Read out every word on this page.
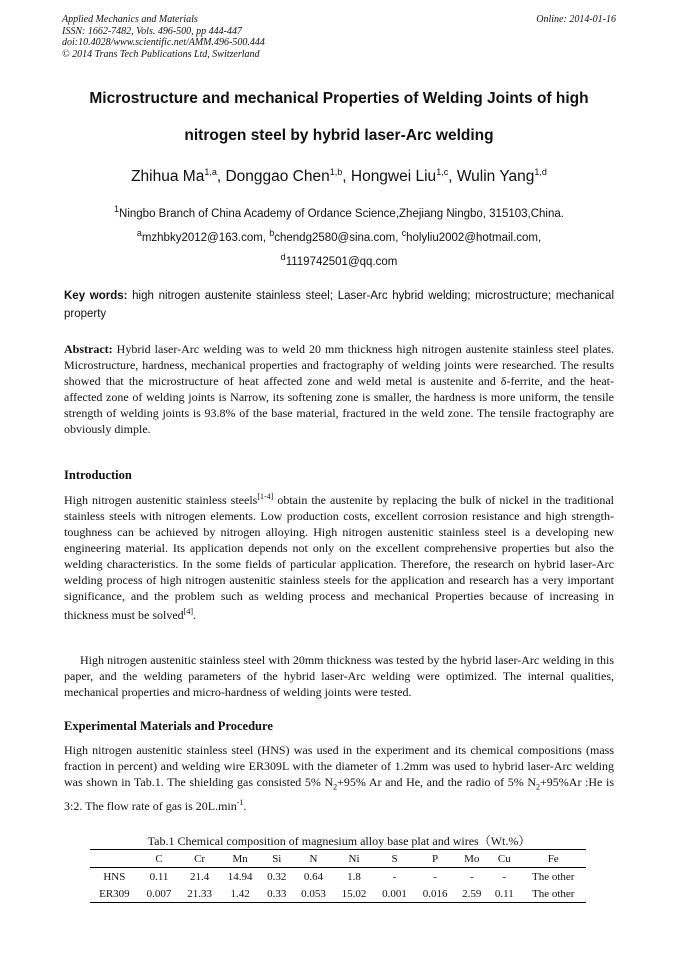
Applied Mechanics and Materials
ISSN: 1662-7482, Vols. 496-500, pp 444-447
doi:10.4028/www.scientific.net/AMM.496-500.444
© 2014 Trans Tech Publications Ltd, Switzerland
Online: 2014-01-16
Microstructure and mechanical Properties of Welding Joints of high
nitrogen steel by hybrid laser-Arc welding
Zhihua Ma$^{1,a}$, Donggao Chen$^{1,b}$, Hongwei Liu$^{1,c}$, Wulin Yang$^{1,d}$
$^1$Ningbo Branch of China Academy of Ordance Science,Zhejiang Ningbo, 315103,China.
$^a$mzhbky2012@163.com, $^b$chendg2580@sina.com, $^c$holyliu2002@hotmail.com,
$^d$1119742501@qq.com
Key words: high nitrogen austenite stainless steel; Laser-Arc hybrid welding; microstructure; mechanical property
Abstract: Hybrid laser-Arc welding was to weld 20 mm thickness high nitrogen austenite stainless steel plates. Microstructure, hardness, mechanical properties and fractography of welding joints were researched. The results showed that the microstructure of heat affected zone and weld metal is austenite and δ-ferrite, and the heat-affected zone of welding joints is Narrow, its softening zone is smaller, the hardness is more uniform, the tensile strength of welding joints is 93.8% of the base material, fractured in the weld zone. The tensile fractography are obviously dimple.
Introduction
High nitrogen austenitic stainless steels[1-4] obtain the austenite by replacing the bulk of nickel in the traditional stainless steels with nitrogen elements. Low production costs, excellent corrosion resistance and high strength-toughness can be achieved by nitrogen alloying. High nitrogen austenitic stainless steel is a developing new engineering material. Its application depends not only on the excellent comprehensive properties but also the welding characteristics. In the some fields of particular application. Therefore, the research on hybrid laser-Arc welding process of high nitrogen austenitic stainless steels for the application and research has a very important significance, and the problem such as welding process and mechanical Properties because of increasing in thickness must be solved[4].
High nitrogen austenitic stainless steel with 20mm thickness was tested by the hybrid laser-Arc welding in this paper, and the welding parameters of the hybrid laser-Arc welding were optimized. The internal qualities, mechanical properties and micro-hardness of welding joints were tested.
Experimental Materials and Procedure
High nitrogen austenitic stainless steel (HNS) was used in the experiment and its chemical compositions (mass fraction in percent) and welding wire ER309L with the diameter of 1.2mm was used to hybrid laser-Arc welding was shown in Tab.1. The shielding gas consisted 5% $N_2+95\%$ Ar and He, and the radio of 5% $N_2+95\%Ar$ :He is 3:2. The flow rate of gas is $20L.\min^{-1}$.
Tab.1 Chemical composition of magnesium alloy base plat and wires（Wt.%）
	C	Cr	Mn	Si	N	Ni	S	P	Mo	Cu	Fe
HNS	0.11	21.4	14.94	0.32	0.64	1.8	-	-	-	-	The other
ER309	0.007	21.33	1.42	0.33	0.053	15.02	0.001	0.016	2.59	0.11	The other
